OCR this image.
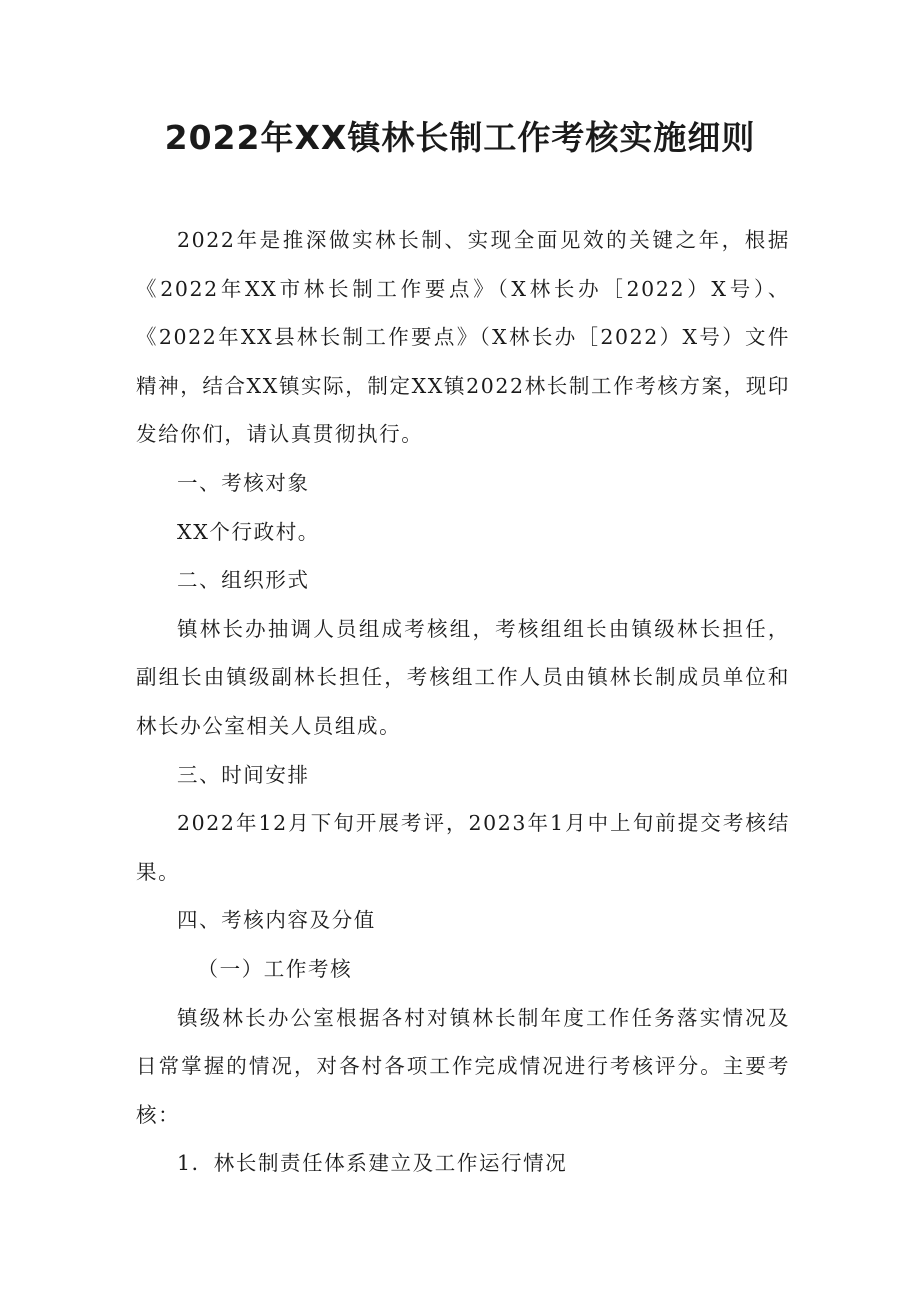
2022年XX镇林长制工作考核实施细则

2022年是推深做实林长制、实现全面见效的关键之年，根据《2022年XX市林长制工作要点》（X林长办［2022）X号）、《2022年XX县林长制工作要点》（X林长办［2022）X号）文件精神，结合XX镇实际，制定XX镇2022林长制工作考核方案，现印发给你们，请认真贯彻执行。

一、考核对象

XX个行政村。

二、组织形式

镇林长办抽调人员组成考核组，考核组组长由镇级林长担任，副组长由镇级副林长担任，考核组工作人员由镇林长制成员单位和林长办公室相关人员组成。

三、时间安排

2022年12月下旬开展考评，2023年1月中上旬前提交考核结果。

四、考核内容及分值

（一）工作考核

镇级林长办公室根据各村对镇林长制年度工作任务落实情况及日常掌握的情况，对各村各项工作完成情况进行考核评分。主要考核：

1．林长制责任体系建立及工作运行情况
